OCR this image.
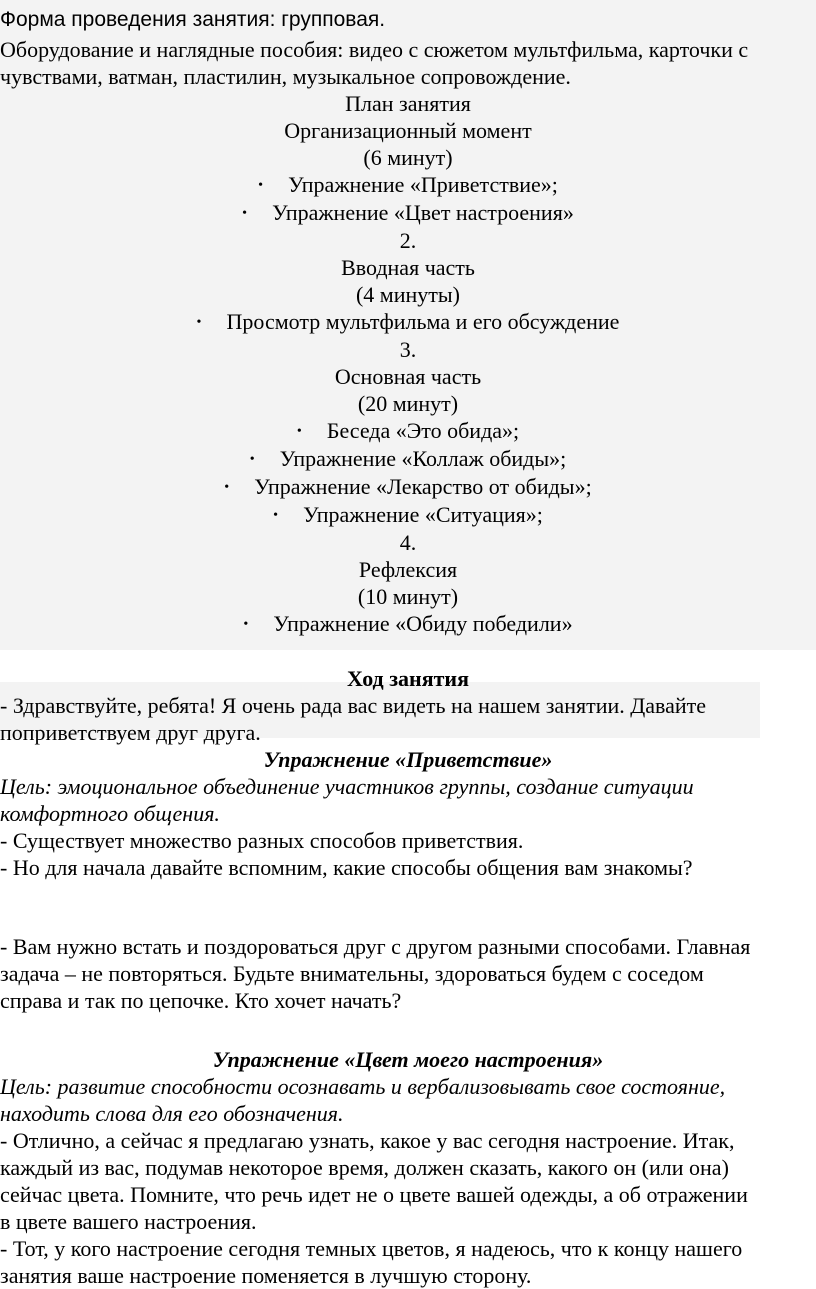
Форма проведения занятия: групповая.
Оборудование и наглядные пособия: видео с сюжетом мультфильма, карточки с
чувствами, ватман, пластилин, музыкальное сопровождение.
План занятия
Организационный момент
(6 минут)
• Упражнение «Приветствие»;
• Упражнение «Цвет настроения»
2.
Вводная часть
(4 минуты)
• Просмотр мультфильма и его обсуждение
3.
Основная часть
(20 минут)
• Беседа «Это обида»;
• Упражнение «Коллаж обиды»;
• Упражнение «Лекарство от обиды»;
• Упражнение «Ситуация»;
4.
Рефлексия
(10 минут)
• Упражнение «Обиду победили»
Ход занятия
- Здравствуйте, ребята! Я очень рада вас видеть на нашем занятии. Давайте
поприветствуем друг друга.
Упражнение «Приветствие»
Цель: эмоциональное объединение участников группы, создание ситуации
комфортного общения.
- Существует множество разных способов приветствия.
- Но для начала давайте вспомним, какие способы общения вам знакомы?
- Вам нужно встать и поздороваться друг с другом разными способами. Главная
задача – не повторяться. Будьте внимательны, здороваться будем с соседом
справа и так по цепочке. Кто хочет начать?
Упражнение «Цвет моего настроения»
Цель: развитие способности осознавать и вербализовывать свое состояние,
находить слова для его обозначения.
- Отлично, а сейчас я предлагаю узнать, какое у вас сегодня настроение. Итак,
каждый из вас, подумав некоторое время, должен сказать, какого он (или она)
сейчас цвета. Помните, что речь идет не о цвете вашей одежды, а об отражении
в цвете вашего настроения.
- Тот, у кого настроение сегодня темных цветов, я надеюсь, что к концу нашего
занятия ваше настроение поменяется в лучшую сторону.
